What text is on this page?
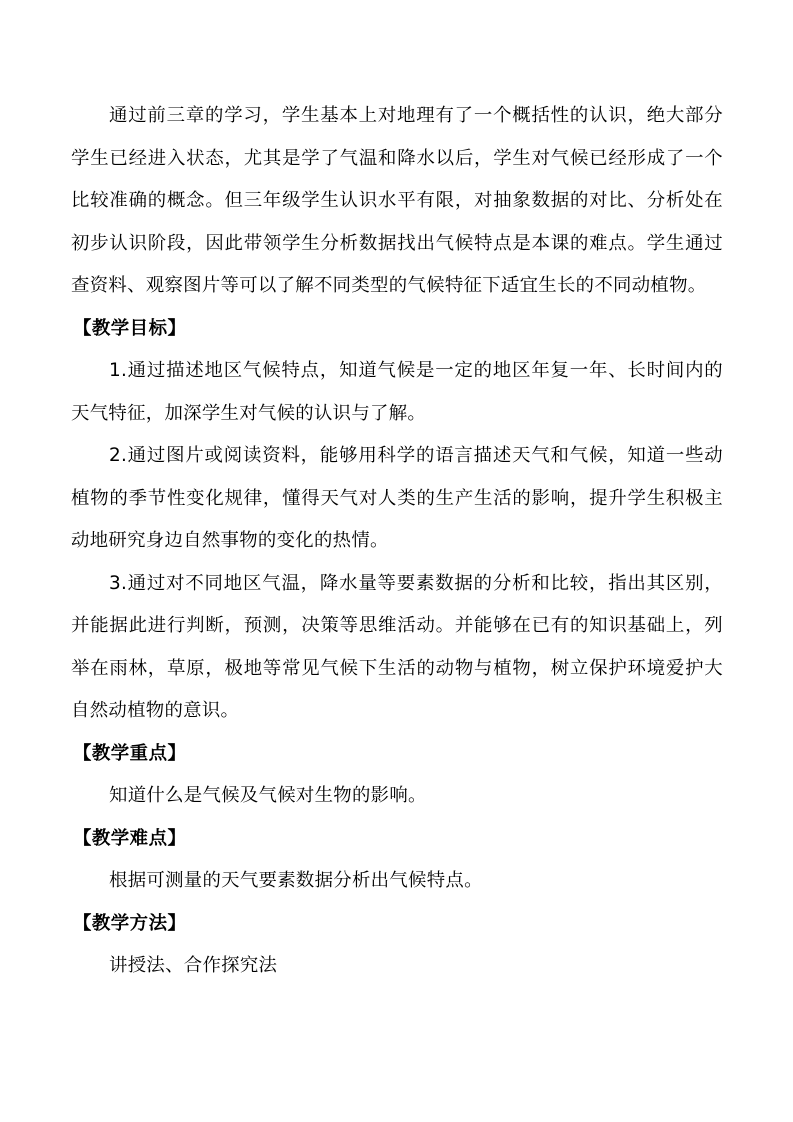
通过前三章的学习，学生基本上对地理有了一个概括性的认识，绝大部分学生已经进入状态，尤其是学了气温和降水以后，学生对气候已经形成了一个比较准确的概念。但三年级学生认识水平有限，对抽象数据的对比、分析处在初步认识阶段，因此带领学生分析数据找出气候特点是本课的难点。学生通过查资料、观察图片等可以了解不同类型的气候特征下适宜生长的不同动植物。

【教学目标】

1.通过描述地区气候特点，知道气候是一定的地区年复一年、长时间内的天气特征，加深学生对气候的认识与了解。

2.通过图片或阅读资料，能够用科学的语言描述天气和气候，知道一些动植物的季节性变化规律，懂得天气对人类的生产生活的影响，提升学生积极主动地研究身边自然事物的变化的热情。

3.通过对不同地区气温，降水量等要素数据的分析和比较，指出其区别，并能据此进行判断，预测，决策等思维活动。并能够在已有的知识基础上，列举在雨林，草原，极地等常见气候下生活的动物与植物，树立保护环境爱护大自然动植物的意识。

【教学重点】

知道什么是气候及气候对生物的影响。

【教学难点】

根据可测量的天气要素数据分析出气候特点。

【教学方法】

讲授法、合作探究法
